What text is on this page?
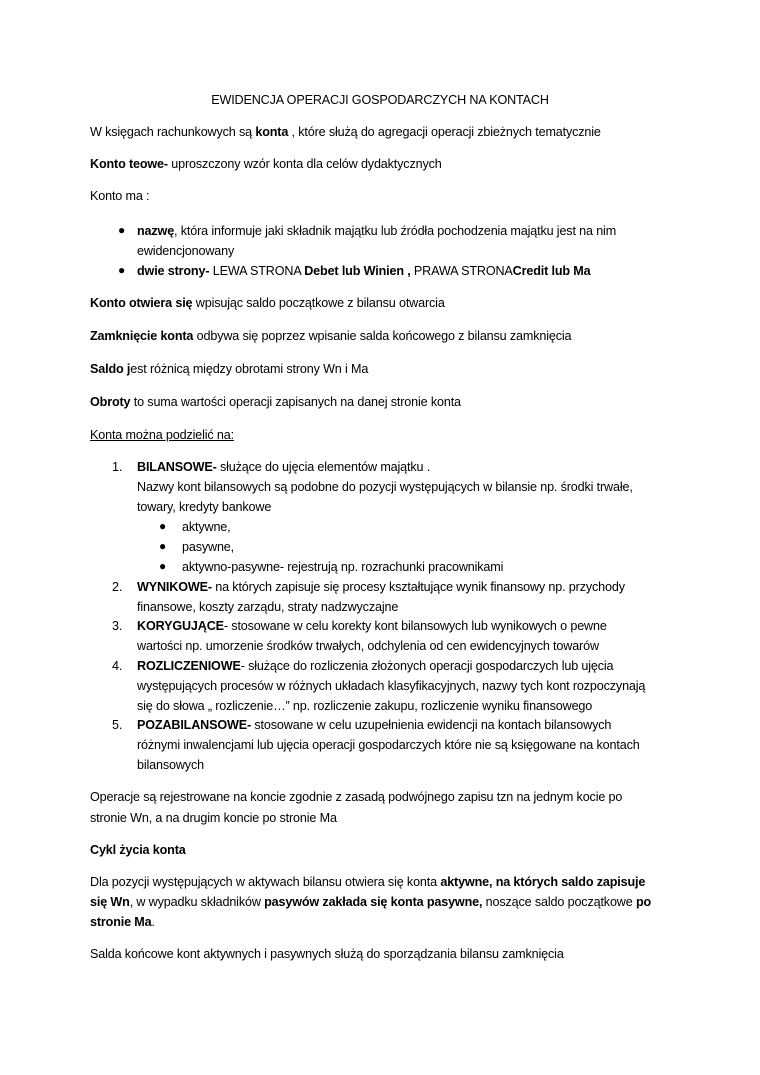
EWIDENCJA OPERACJI GOSPODARCZYCH NA KONTACH
W księgach rachunkowych są konta , które służą do agregacji operacji zbieżnych tematycznie
Konto teowe- uproszczony wzór konta dla celów dydaktycznych
Konto ma :
● nazwę, która informuje jaki składnik majątku lub źródła pochodzenia majątku jest na nim
ewidencjonowany
● dwie strony- LEWA STRONA Debet lub Winien , PRAWA STRONACredit lub Ma
Konto otwiera się wpisując saldo początkowe z bilansu otwarcia
Zamknięcie konta odbywa się poprzez wpisanie salda końcowego z bilansu zamknięcia
Saldo jest różnicą między obrotami strony Wn i Ma
Obroty to suma wartości operacji zapisanych na danej stronie konta
Konta można podzielić na:
1. BILANSOWE- służące do ujęcia elementów majątku .
Nazwy kont bilansowych są podobne do pozycji występujących w bilansie np. środki trwałe,
towary, kredyty bankowe
● aktywne,
● pasywne,
● aktywno-pasywne- rejestrują np. rozrachunki pracownikami
2. WYNIKOWE- na których zapisuje się procesy kształtujące wynik finansowy np. przychody
finansowe, koszty zarządu, straty nadzwyczajne
3. KORYGUJĄCE- stosowane w celu korekty kont bilansowych lub wynikowych o pewne
wartości np. umorzenie środków trwałych, odchylenia od cen ewidencyjnych towarów
4. ROZLICZENIOWE- służące do rozliczenia złożonych operacji gospodarczych lub ujęcia
występujących procesów w różnych układach klasyfikacyjnych, nazwy tych kont rozpoczynają
się do słowa „ rozliczenie…” np. rozliczenie zakupu, rozliczenie wyniku finansowego
5. POZABILANSOWE- stosowane w celu uzupełnienia ewidencji na kontach bilansowych
różnymi inwalencjami lub ujęcia operacji gospodarczych które nie są księgowane na kontach
bilansowych
Operacje są rejestrowane na koncie zgodnie z zasadą podwójnego zapisu tzn na jednym kocie po
stronie Wn, a na drugim koncie po stronie Ma
Cykl życia konta
Dla pozycji występujących w aktywach bilansu otwiera się konta aktywne, na których saldo zapisuje
się Wn, w wypadku składników pasywów zakłada się konta pasywne, noszące saldo początkowe po
stronie Ma.
Salda końcowe kont aktywnych i pasywnych służą do sporządzania bilansu zamknięcia
